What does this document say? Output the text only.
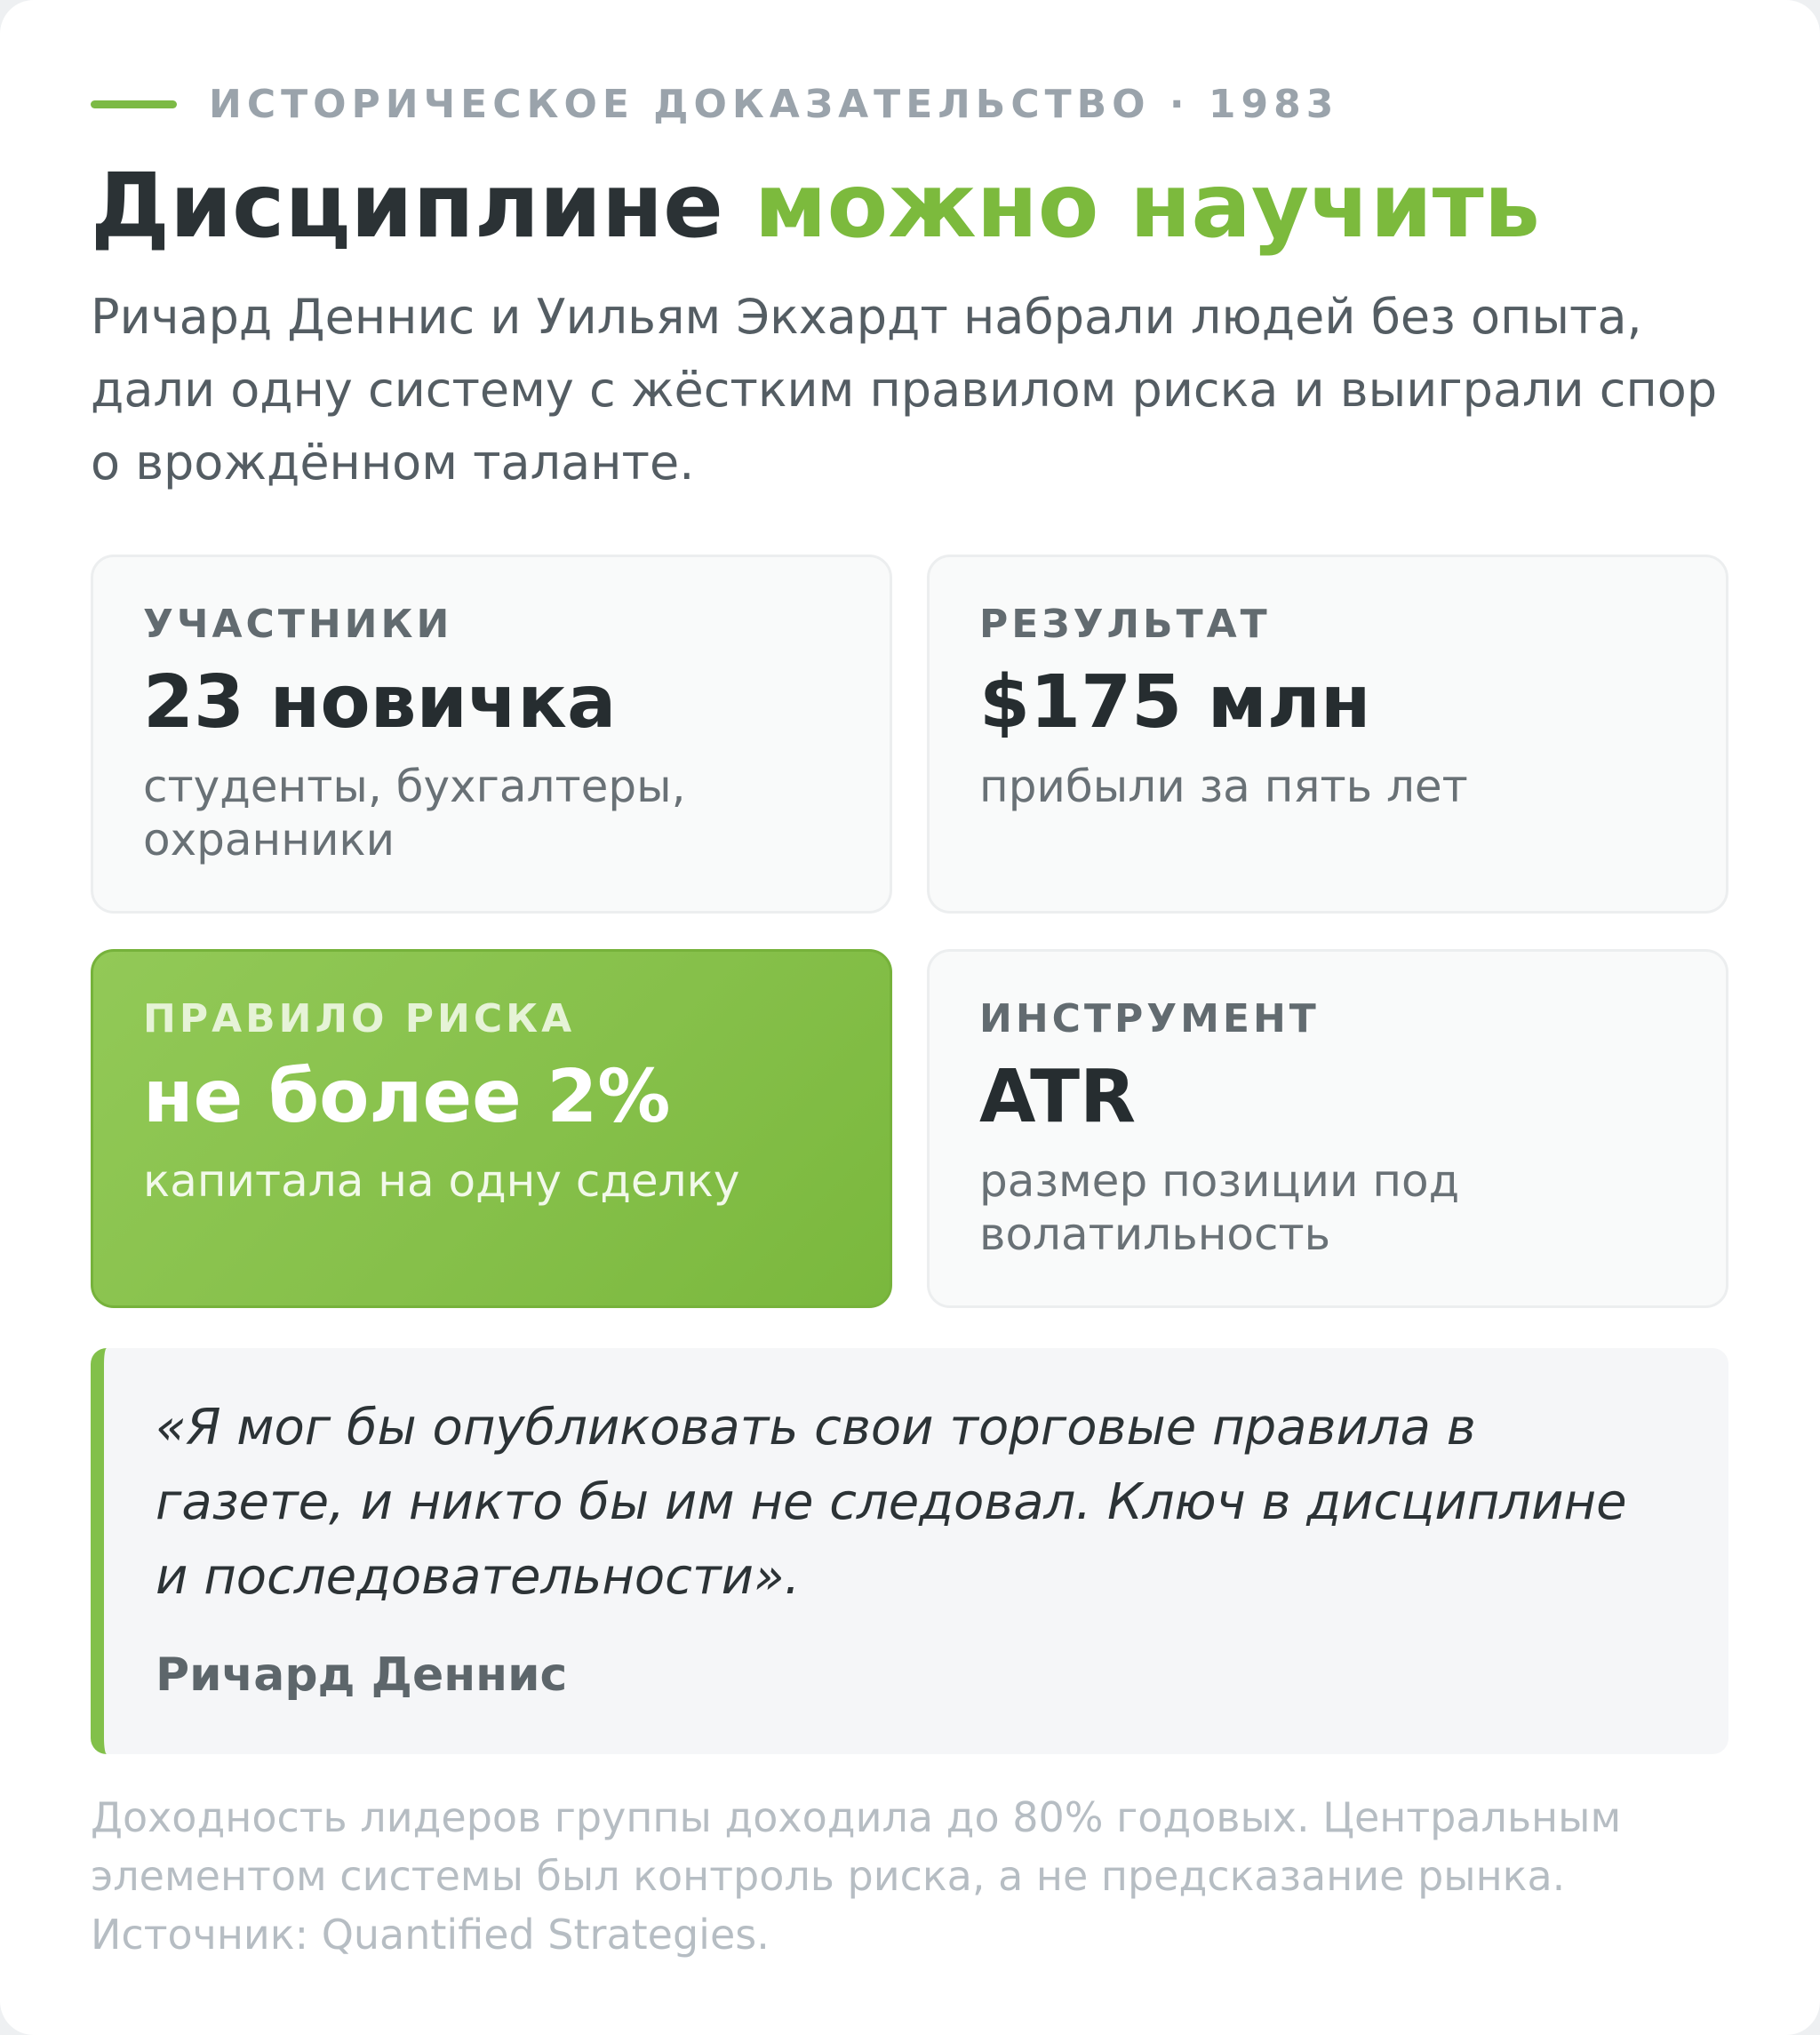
ИСТОРИЧЕСКОЕ ДОКАЗАТЕЛЬСТВО · 1983
Дисциплине можно научить

Ричард Деннис и Уильям Экхардт набрали людей без опыта, дали одну систему с жёстким правилом риска и выиграли спор о врождённом таланте.

УЧАСТНИКИ
23 новичка
студенты, бухгалтеры, охранники
РЕЗУЛЬТАТ
$175 млн
прибыли за пять лет
ПРАВИЛО РИСКА
не более 2%
капитала на одну сделку
ИНСТРУМЕНТ
ATR
размер позиции под волатильность

«Я мог бы опубликовать свои торговые правила в газете, и никто бы им не следовал. Ключ в дисциплине и последовательности».

Ричард Деннис

Доходность лидеров группы доходила до 80% годовых. Центральным элементом системы был контроль риска, а не предсказание рынка. Источник: Quantified Strategies.
